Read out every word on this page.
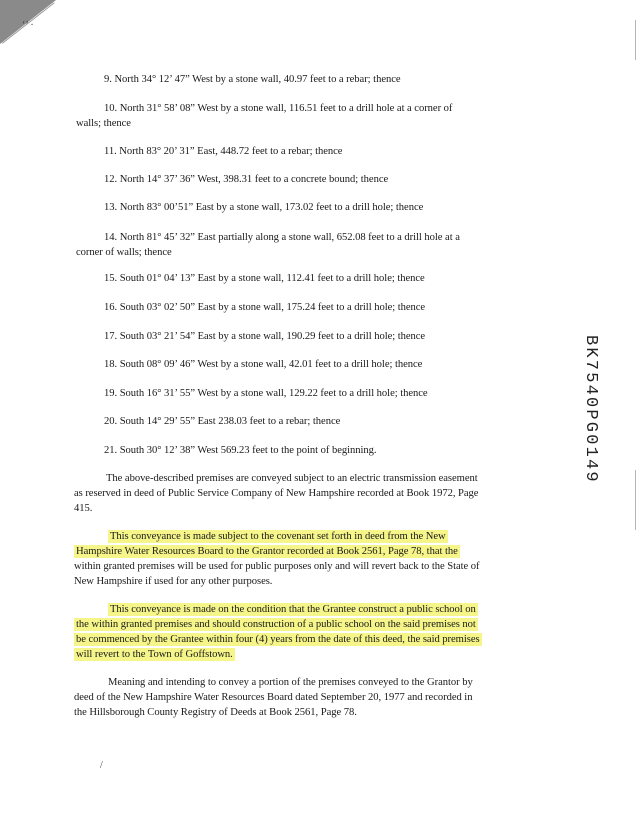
ʻ’ ·
9. North 34° 12’ 47” West by a stone wall, 40.97 feet to a rebar; thence
10. North 31° 58’ 08” West by a stone wall, 116.51 feet to a drill hole at a corner of
walls; thence
11. North 83° 20’ 31” East, 448.72 feet to a rebar; thence
12. North 14° 37’ 36” West, 398.31 feet to a concrete bound; thence
13. North 83° 00’51” East by a stone wall, 173.02 feet to a drill hole; thence
14. North 81° 45’ 32” East partially along a stone wall, 652.08 feet to a drill hole at a
corner of walls; thence
15. South 01° 04’ 13” East by a stone wall, 112.41 feet to a drill hole; thence
16. South 03° 02’ 50” East by a stone wall, 175.24 feet to a drill hole; thence
17. South 03° 21’ 54” East by a stone wall, 190.29 feet to a drill hole; thence
18. South 08° 09’ 46” West by a stone wall, 42.01 feet to a drill hole; thence
19. South 16° 31’ 55” West by a stone wall, 129.22 feet to a drill hole; thence
20. South 14° 29’ 55” East 238.03 feet to a rebar; thence
21. South 30° 12’ 38” West 569.23 feet to the point of beginning.
The above-described premises are conveyed subject to an electric transmission easement
as reserved in deed of Public Service Company of New Hampshire recorded at Book 1972, Page
415.
This conveyance is made subject to the covenant set forth in deed from the New
Hampshire Water Resources Board to the Grantor recorded at Book 2561, Page 78, that the
within granted premises will be used for public purposes only and will revert back to the State of
New Hampshire if used for any other purposes.
This conveyance is made on the condition that the Grantee construct a public school on
the within granted premises and should construction of a public school on the said premises not
be commenced by the Grantee within four (4) years from the date of this deed, the said premises
will revert to the Town of Goffstown.
Meaning and intending to convey a portion of the premises conveyed to the Grantor by
deed of the New Hampshire Water Resources Board dated September 20, 1977 and recorded in
the Hillsborough County Registry of Deeds at Book 2561, Page 78.
/
BK7540PG0149
